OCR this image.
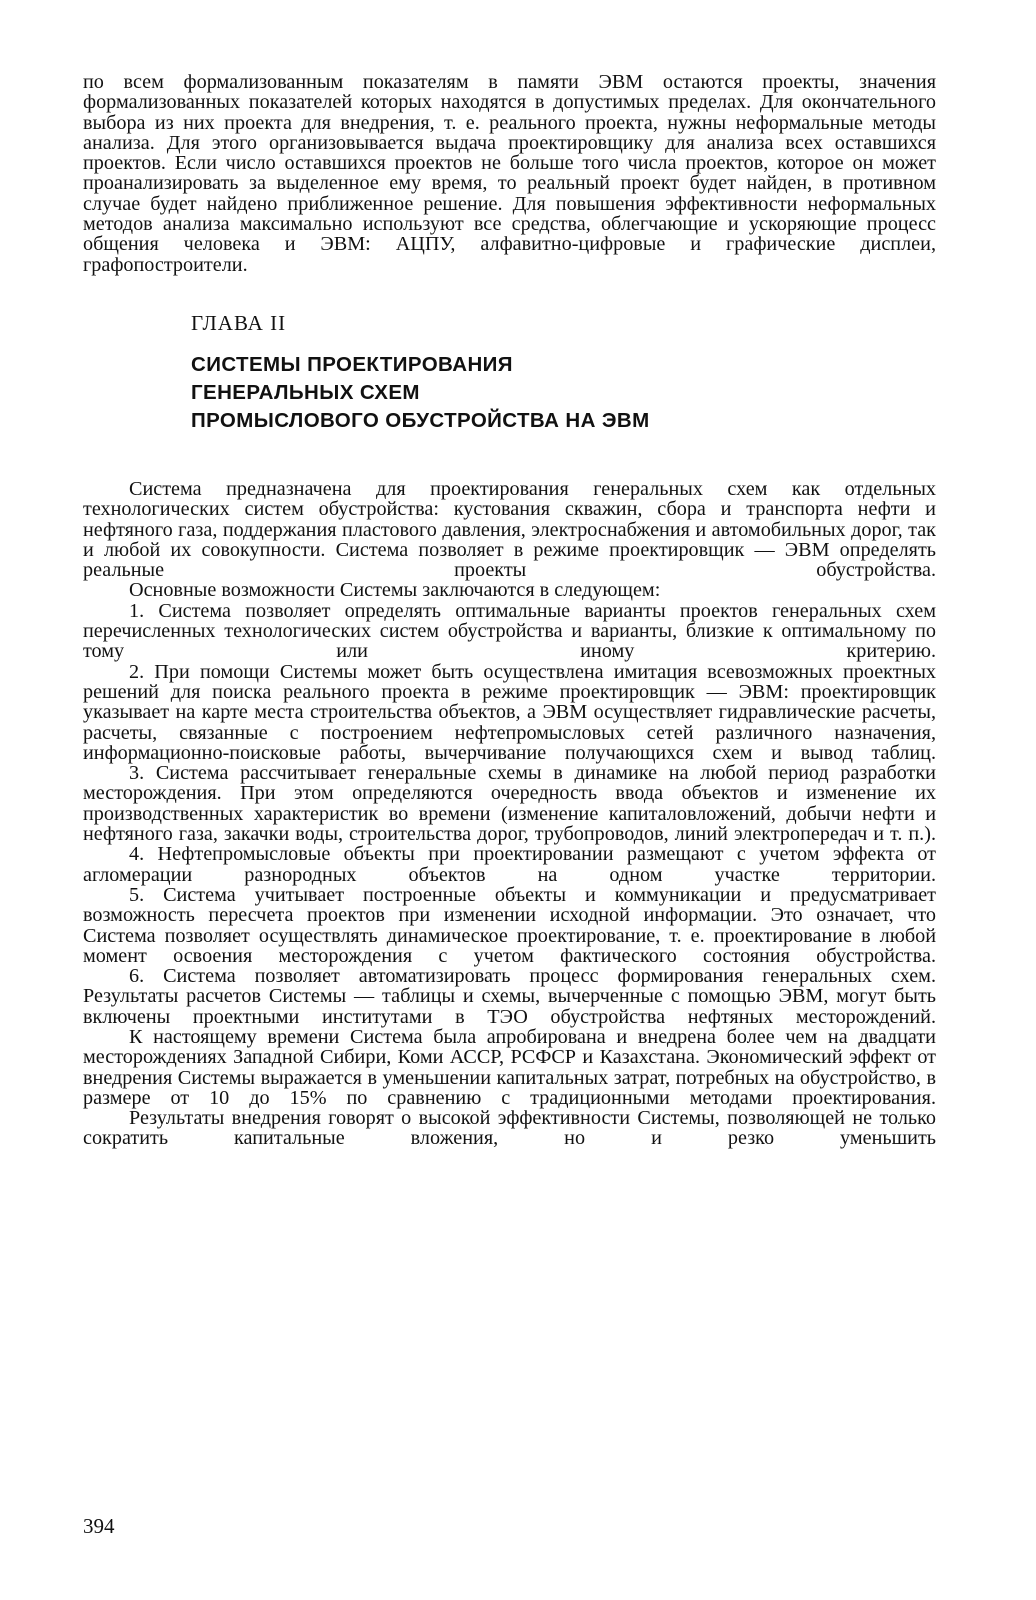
по всем формализованным показателям в памяти ЭВМ остаются проекты, значения формализованных показателей которых находятся в допустимых пределах. Для окончательного выбора из них проекта для внедрения, т. е. реального проекта, нужны неформальные методы анализа. Для этого организовывается выдача проектировщику для анализа всех оставшихся проектов. Если число оставшихся проектов не больше того числа проектов, которое он может проанализировать за выделенное ему время, то реальный проект будет найден, в противном случае будет найдено приближенное решение. Для повышения эффективности неформальных методов анализа максимально используют все средства, облегчающие и ускоряющие процесс общения человека и ЭВМ: АЦПУ, алфавитно-цифровые и графические дисплеи, графопостроители.

ГЛАВА II
СИСТЕМЫ ПРОЕКТИРОВАНИЯ
ГЕНЕРАЛЬНЫХ СХЕМ
ПРОМЫСЛОВОГО ОБУСТРОЙСТВА НА ЭВМ

Система предназначена для проектирования генеральных схем как отдельных технологических систем обустройства: кустования скважин, сбора и транспорта нефти и нефтяного газа, поддержания пластового давления, электроснабжения и автомобильных дорог, так и любой их совокупности. Система позволяет в режиме проектировщик — ЭВМ определять реальные проекты обустройства.

Основные возможности Системы заключаются в следующем:

1. Система позволяет определять оптимальные варианты проектов генеральных схем перечисленных технологических систем обустройства и варианты, близкие к оптимальному по тому или иному критерию.

2. При помощи Системы может быть осуществлена имитация всевозможных проектных решений для поиска реального проекта в режиме проектировщик — ЭВМ: проектировщик указывает на карте места строительства объектов, а ЭВМ осуществляет гидравлические расчеты, расчеты, связанные с построением нефтепромысловых сетей различного назначения, информационно-поисковые работы, вычерчивание получающихся схем и вывод таблиц.

3. Система рассчитывает генеральные схемы в динамике на любой период разработки месторождения. При этом определяются очередность ввода объектов и изменение их производственных характеристик во времени (изменение капиталовложений, добычи нефти и нефтяного газа, закачки воды, строительства дорог, трубопроводов, линий электропередач и т. п.).

4. Нефтепромысловые объекты при проектировании размещают с учетом эффекта от агломерации разнородных объектов на одном участке территории.

5. Система учитывает построенные объекты и коммуникации и предусматривает возможность пересчета проектов при изменении исходной информации. Это означает, что Система позволяет осуществлять динамическое проектирование, т. е. проектирование в любой момент освоения месторождения с учетом фактического состояния обустройства.

6. Система позволяет автоматизировать процесс формирования генеральных схем. Результаты расчетов Системы — таблицы и схемы, вычерченные с помощью ЭВМ, могут быть включены проектными институтами в ТЭО обустройства нефтяных месторождений.

К настоящему времени Система была апробирована и внедрена более чем на двадцати месторождениях Западной Сибири, Коми АССР, РСФСР и Казахстана. Экономический эффект от внедрения Системы выражается в уменьшении капитальных затрат, потребных на обустройство, в размере от 10 до 15% по сравнению с традиционными методами проектирования.

Результаты внедрения говорят о высокой эффективности Системы, позволяющей не только сократить капитальные вложения, но и резко уменьшить

394
